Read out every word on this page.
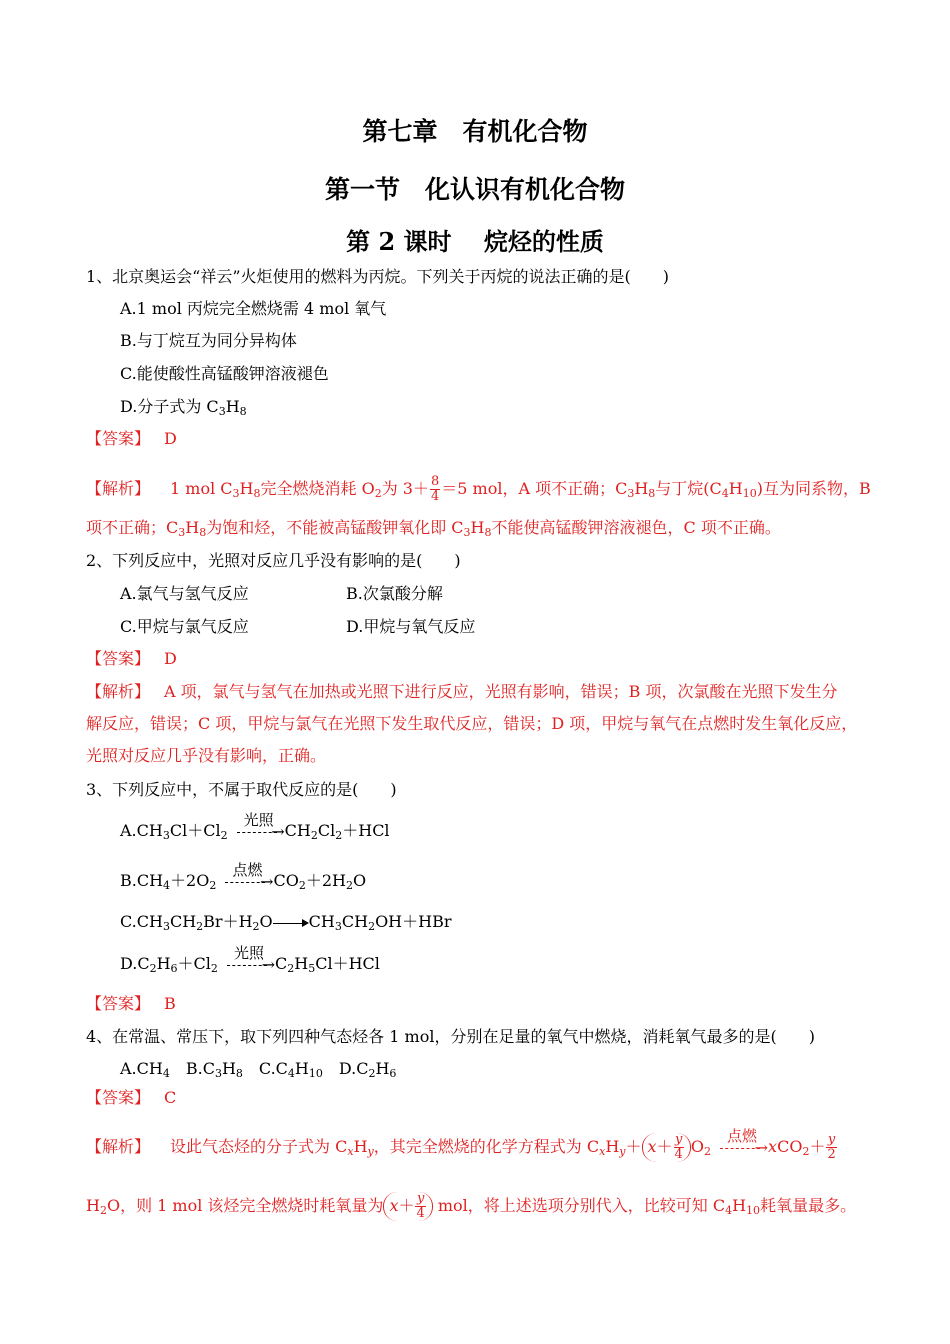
第七章　有机化合物
第一节　化认识有机化合物
第 2 课时　 烷烃的性质
1、北京奥运会“祥云”火炬使用的燃料为丙烷。下列关于丙烷的说法正确的是(　　)
A.1 mol 丙烷完全燃烧需 4 mol 氧气
B.与丁烷互为同分异构体
C.能使酸性高锰酸钾溶液褪色
D.分子式为 $C_3H_8$
【答案】 D
【解析】 1 mol $C_3H_8$完全燃烧消耗 $O_2$为 $3+ \frac{8}{4} =5$ mol，A 项不正确；$C_3H_8$与丁烷$(C_4H_{10})$互为同系物，B
项不正确；$C_3H_8$为饱和烃，不能被高锰酸钾氧化即 $C_3H_8$不能使高锰酸钾溶液褪色，C 项不正确。
2、下列反应中，光照对反应几乎没有影响的是(　　)
A.氯气与氢气反应	B.次氯酸分解
C.甲烷与氯气反应	D.甲烷与氧气反应
【答案】 D
【解析】 A 项，氯气与氢气在加热或光照下进行反应，光照有影响，错误；B 项，次氯酸在光照下发生分
解反应，错误；C 项，甲烷与氯气在光照下发生取代反应，错误；D 项，甲烷与氧气在点燃时发生氧化反应，
光照对反应几乎没有影响，正确。
3、下列反应中，不属于取代反应的是(　　)
$A.CH_3Cl+Cl_2$
光照
→ $CH_2Cl_2+HCl$
$B.CH_4+2O_2$
点燃
→ $CO_2+2H_2O$
$C.CH_3CH_2Br+H_2O$ $CH_3CH_2OH+HBr$
$D.C_2H_6+Cl_2$
光照
→ $C_2H_5Cl+HCl$
【答案】 B
4、在常温、常压下，取下列四种气态烃各 1 mol，分别在足量的氧气中燃烧，消耗氧气最多的是(　　)
$A.CH_4$　$B.C_3H_8$　$C.C_4H_{10}$　$D.C_2H_6$
【答案】 C
【解析】 设此气态烃的分子式为 $C_xH_y$，其完全燃烧的化学方程式为 $C_xH_y+ x+ \frac{y}{4} O_2$
点燃
→ $xCO_2+ \frac{y}{2}$
$H_2O$，则 1 mol 该烃完全燃烧时耗氧量为 $x+ \frac{y}{4}$ mol，将上述选项分别代入，比较可知 $C_4H_{10}$耗氧量最多。
